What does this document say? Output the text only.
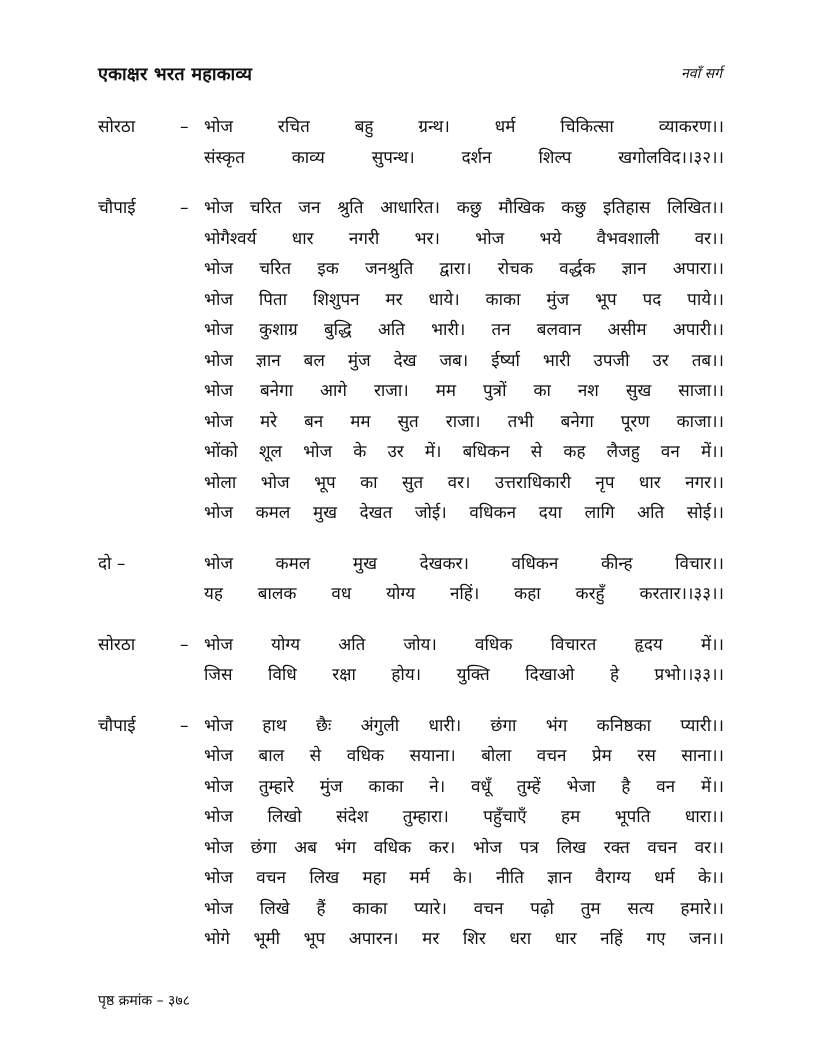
एकाक्षर भरत महाकाव्य	नवाँ सर्ग
सोरठा	– भोज रचित बहु ग्रन्थ। धर्म चिकित्सा व्याकरण।।
संस्कृत काव्य सुपन्थ। दर्शन शिल्प खगोलविद।।३२।।
चौपाई	– भोज चरित जन श्रुति आधारित। कछु मौखिक कछु इतिहास लिखित।।
भोगैश्वर्य धार नगरी भर। भोज भये वैभवशाली वर।।
भोज चरित इक जनश्रुति द्वारा। रोचक वर्द्धक ज्ञान अपारा।।
भोज पिता शिशुपन मर धाये। काका मुंज भूप पद पाये।।
भोज कुशाग्र बुद्धि अति भारी। तन बलवान असीम अपारी।।
भोज ज्ञान बल मुंज देख जब। ईर्ष्या भारी उपजी उर तब।।
भोज बनेगा आगे राजा। मम पुत्रों का नश सुख साजा।।
भोज मरे बन मम सुत राजा। तभी बनेगा पूरण काजा।।
भोंको शूल भोज के उर में। बधिकन से कह लैजहु वन में।।
भोला भोज भूप का सुत वर। उत्तराधिकारी नृप धार नगर।।
भोज कमल मुख देखत जोई। वधिकन दया लागि अति सोई।।
दो –	भोज कमल मुख देखकर। वधिकन कीन्ह विचार।।
यह बालक वध योग्य नहिं। कहा करहुँ करतार।।३३।।
सोरठा	– भोज योग्य अति जोय। वधिक विचारत हृदय में।।
जिस विधि रक्षा होय। युक्ति दिखाओ हे प्रभो।।३३।।
चौपाई	– भोज हाथ छैः अंगुली धारी। छंगा भंग कनिष्ठका प्यारी।।
भोज बाल से वधिक सयाना। बोला वचन प्रेम रस साना।।
भोज तुम्हारे मुंज काका ने। वधूँ तुम्हें भेजा है वन में।।
भोज लिखो संदेश तुम्हारा। पहुँचाएँ हम भूपति धारा।।
भोज छंगा अब भंग वधिक कर। भोज पत्र लिख रक्त वचन वर।।
भोज वचन लिख महा मर्म के। नीति ज्ञान वैराग्य धर्म के।।
भोज लिखे हैं काका प्यारे। वचन पढ़ो तुम सत्य हमारे।।
भोगे भूमी भूप अपारन। मर शिर धरा धार नहिं गए जन।।
पृष्ठ क्रमांक – ३७८
